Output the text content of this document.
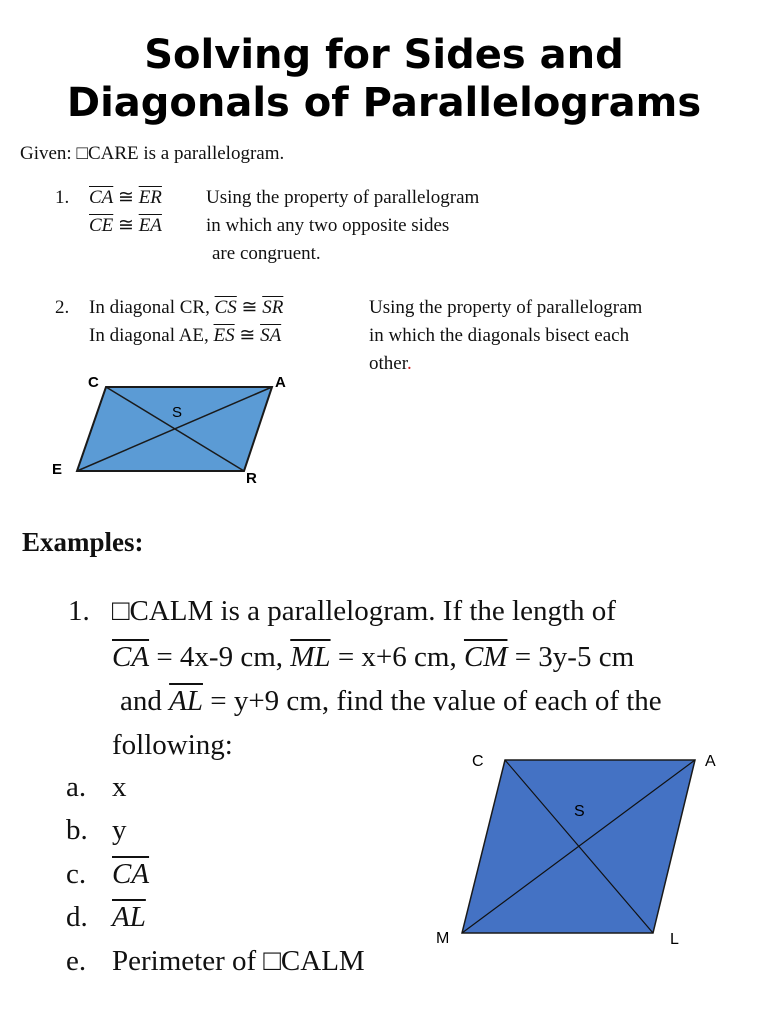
Solving for Sides and
Diagonals of Parallelograms
Given: □CARE is a parallelogram.
1. $\overline{CA}$ ≅ $\overline{ER}$
$\overline{CE}$ ≅ $\overline{EA}$
Using the property of parallelogram
in which any two opposite sides
are congruent.
2. In diagonal CR, $\overline{CS}$ ≅ $\overline{SR}$
In diagonal AE, $\overline{ES}$ ≅ $\overline{SA}$
Using the property of parallelogram
in which the diagonals bisect each
other.
C	A
E
R
S
Examples:
1. □CALM is a parallelogram. If the length of
$\overline{CA} = 4x-9$ cm, $\overline{ML} = x+6$ cm, $\overline{CM} = 3y-5$ cm
and $\overline{AL} = y+9$ cm, find the value of each of the
following:
a. x
b. y
c. $\overline{CA}$
d. $\overline{AL}$
e. Perimeter of □CALM
C	A
M	L
S
